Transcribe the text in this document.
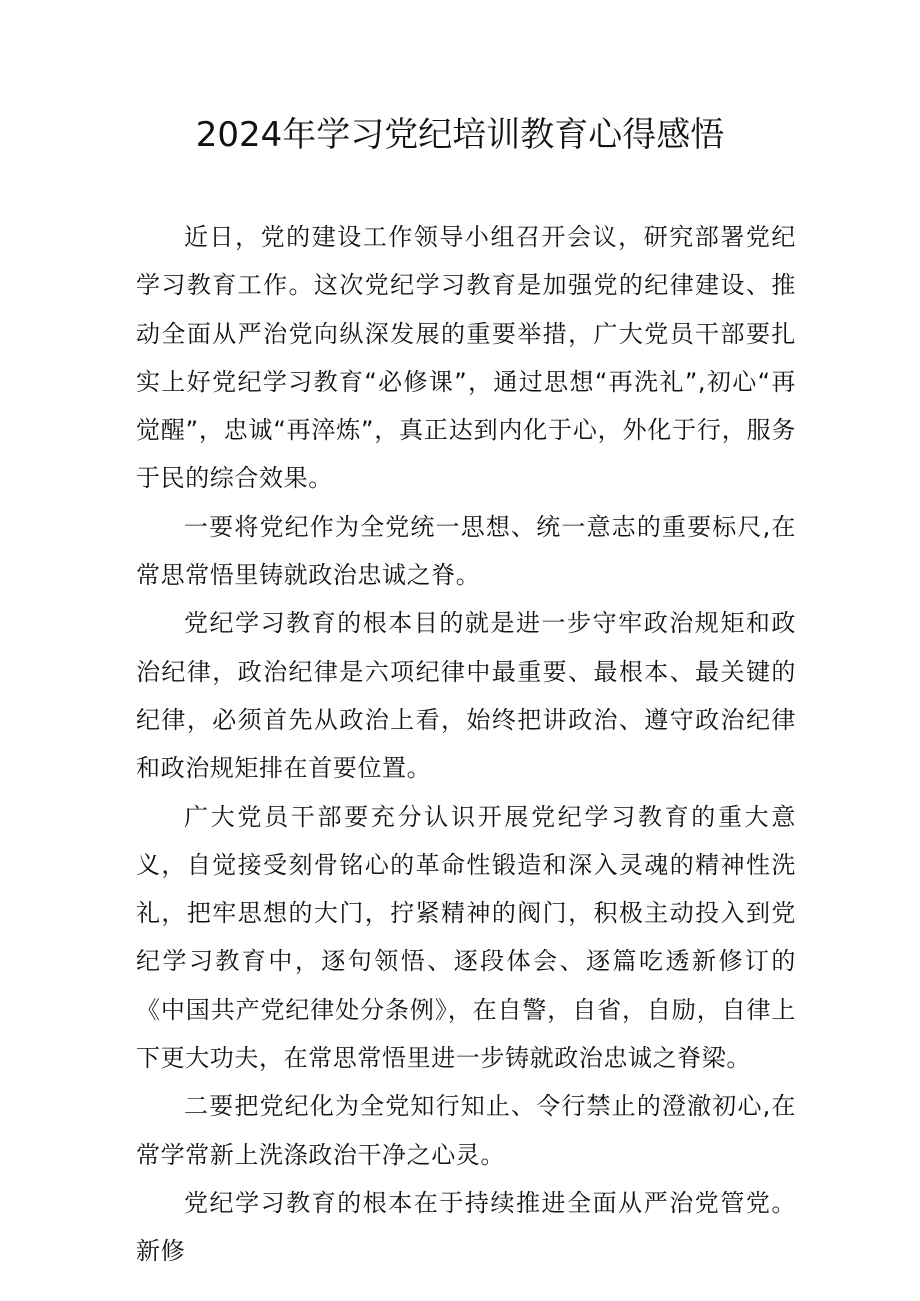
2024年学习党纪培训教育心得感悟

近日，党的建设工作领导小组召开会议，研究部署党纪学习教育工作。这次党纪学习教育是加强党的纪律建设、推动全面从严治党向纵深发展的重要举措，广大党员干部要扎实上好党纪学习教育“必修课”，通过思想“再洗礼”,初心“再觉醒”，忠诚“再淬炼”，真正达到内化于心，外化于行，服务于民的综合效果。

一要将党纪作为全党统一思想、统一意志的重要标尺,在常思常悟里铸就政治忠诚之脊。

党纪学习教育的根本目的就是进一步守牢政治规矩和政治纪律，政治纪律是六项纪律中最重要、最根本、最关键的纪律，必须首先从政治上看，始终把讲政治、遵守政治纪律和政治规矩排在首要位置。

广大党员干部要充分认识开展党纪学习教育的重大意义，自觉接受刻骨铭心的革命性锻造和深入灵魂的精神性洗礼，把牢思想的大门，拧紧精神的阀门，积极主动投入到党纪学习教育中，逐句领悟、逐段体会、逐篇吃透新修订的《中国共产党纪律处分条例》，在自警，自省，自励，自律上下更大功夫，在常思常悟里进一步铸就政治忠诚之脊梁。

二要把党纪化为全党知行知止、令行禁止的澄澈初心,在常学常新上洗涤政治干净之心灵。

党纪学习教育的根本在于持续推进全面从严治党管党。新修
